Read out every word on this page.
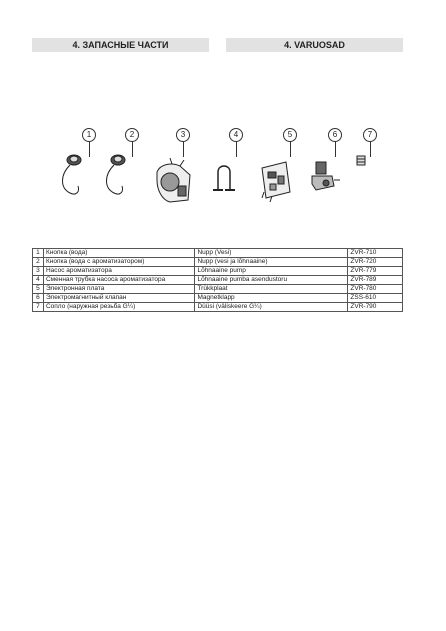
4. ЗАПАСНЫЕ ЧАСТИ	4. VARUOSAD
1	2	3	4	5	6	7
1	Кнопка (вода)	Nupp (Vesi)	ZVR-710
2	Кнопка (вода с ароматизатором)	Nupp (vesi ja lõhnaaine)	ZVR-720
3	Насос ароматизатора	Lõhnaaine pump	ZVR-779
4	Сменная трубка насоса ароматизатора	Lõhnaaine pumba asendustoru	ZVR-789
5	Электронная плата	Trükkplaat	ZVR-780
6	Электромагнитный клапан	Magnetklapp	ZSS-610
7	Сопло (наружная резьба G¼)	Düüsi (väliskeere G¼)	ZVR-790
